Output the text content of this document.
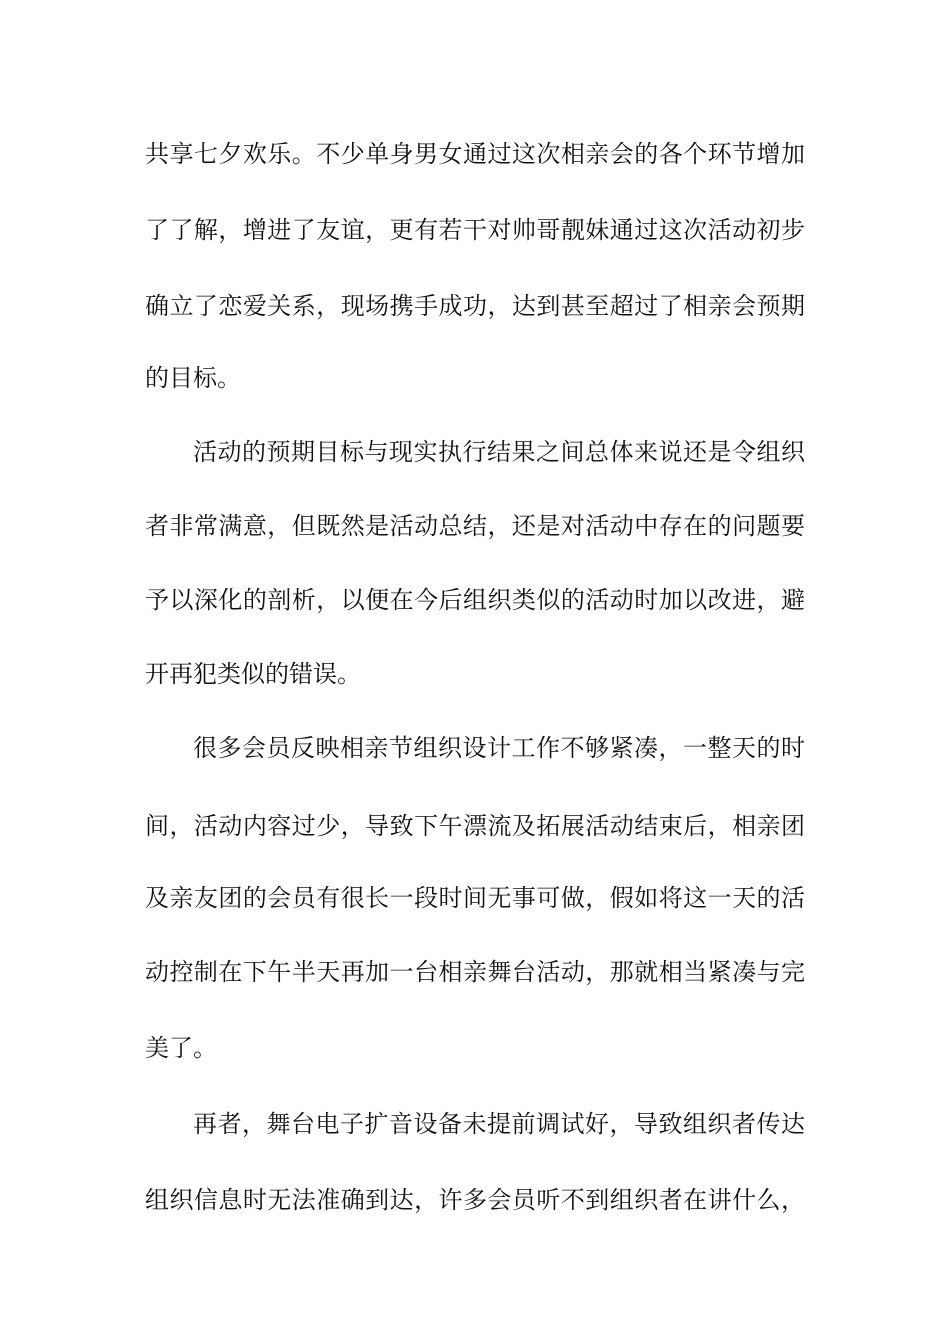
共享七夕欢乐。不少单身男女通过这次相亲会的各个环节增加
了了解，增进了友谊，更有若干对帅哥靓妹通过这次活动初步
确立了恋爱关系，现场携手成功，达到甚至超过了相亲会预期
的目标。
活动的预期目标与现实执行结果之间总体来说还是令组织
者非常满意，但既然是活动总结，还是对活动中存在的问题要
予以深化的剖析，以便在今后组织类似的活动时加以改进，避
开再犯类似的错误。
很多会员反映相亲节组织设计工作不够紧凑，一整天的时
间，活动内容过少，导致下午漂流及拓展活动结束后，相亲团
及亲友团的会员有很长一段时间无事可做，假如将这一天的活
动控制在下午半天再加一台相亲舞台活动，那就相当紧凑与完
美了。
再者，舞台电子扩音设备未提前调试好，导致组织者传达
组织信息时无法准确到达，许多会员听不到组织者在讲什么，
